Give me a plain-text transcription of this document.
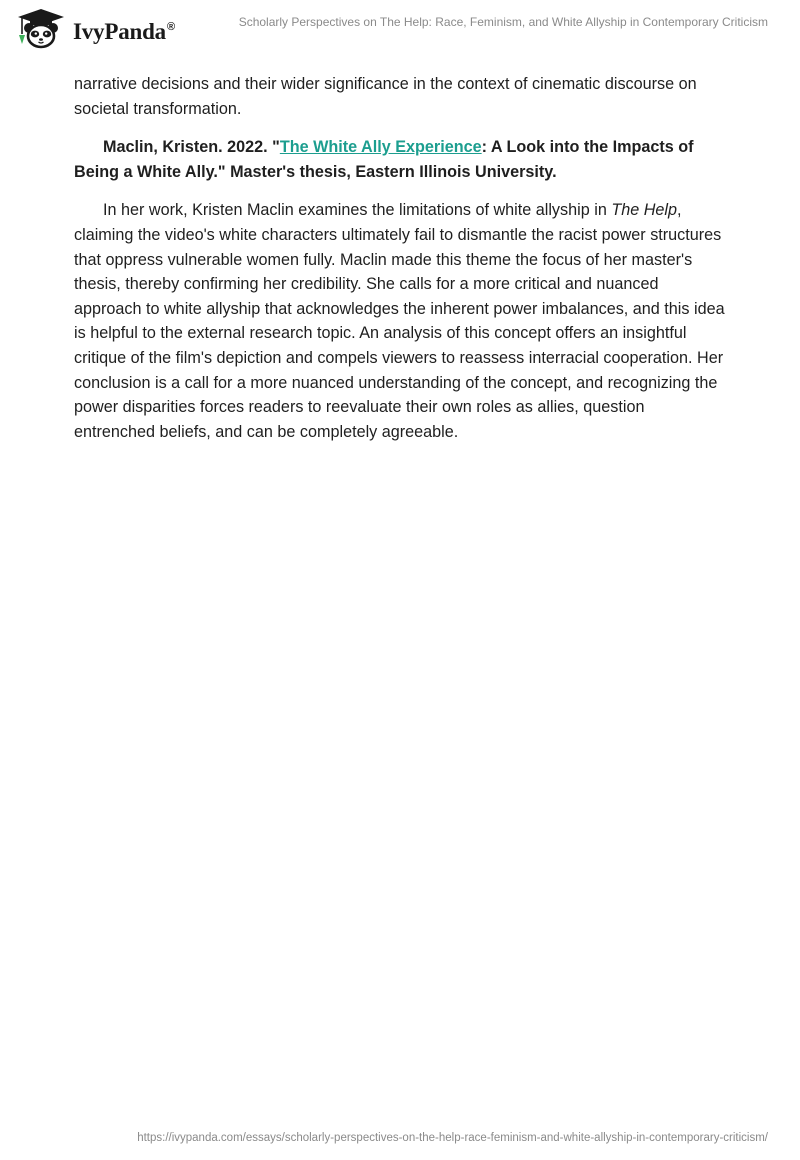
IvyPanda®	Scholarly Perspectives on The Help: Race, Feminism, and White Allyship in Contemporary Criticism

narrative decisions and their wider significance in the context of cinematic discourse on societal transformation.

Maclin, Kristen. 2022. "The White Ally Experience: A Look into the Impacts of Being a White Ally." Master's thesis, Eastern Illinois University.

In her work, Kristen Maclin examines the limitations of white allyship in The Help, claiming the video's white characters ultimately fail to dismantle the racist power structures that oppress vulnerable women fully. Maclin made this theme the focus of her master's thesis, thereby confirming her credibility. She calls for a more critical and nuanced approach to white allyship that acknowledges the inherent power imbalances, and this idea is helpful to the external research topic. An analysis of this concept offers an insightful critique of the film's depiction and compels viewers to reassess interracial cooperation. Her conclusion is a call for a more nuanced understanding of the concept, and recognizing the power disparities forces readers to reevaluate their own roles as allies, question entrenched beliefs, and can be completely agreeable.

https://ivypanda.com/essays/scholarly-perspectives-on-the-help-race-feminism-and-white-allyship-in-contemporary-criticism/
